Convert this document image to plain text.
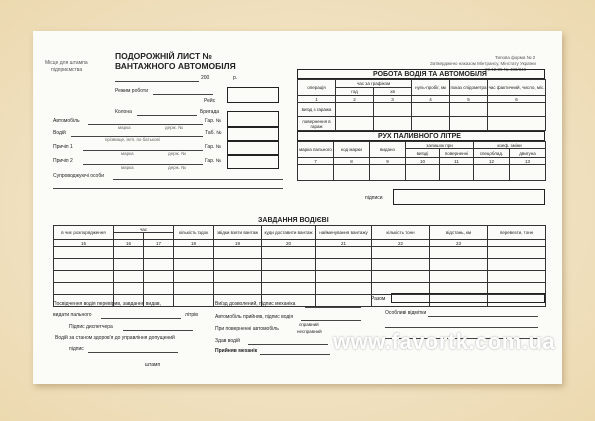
Місце для штампа
підприємства
ПОДОРОЖНІЙ ЛИСТ №
ВАНТАЖНОГО АВТОМОБІЛЯ
200	р.
Типова форма № 2
Затверджено наказом Мінтрансу, Мінстату України
29.12.95 № 488/346
Режим роботи
Рейс
Колона	Бригада
Автомобіль
марка	держ. №
Гар. №
Водій
прізвище, ім'я, по батькові
Таб. №
Причіп 1
марка	держ. №
Гар. №
Причіп 2
марка	держ. №
Гар. №
Супроводжуючі особи
РОБОТА ВОДІЯ ТА АВТОМОБІЛЯ
операція	час за графіком		нуль-пробіг, км	показ спідометра	час фактичний, число, міс.
	год	хв			
1	2	3	4	5	6
виїзд з гаража					
повернення в гараж					
РУХ ПАЛИВНОГО ЛІТРЕ
марка пального	код марки	видано	залишок при		коеф. зміни	
			виїзді	поверненні	спецоблад.	двигуна
7	8	9	10	11	12	13

підписи
ЗАВДАННЯ ВОДІЄВІ
в чиє розпорядження	час		кількість їздок	звідки взяти вантаж	куди доставити вантаж	найменування вантажу	кількість тонн	відстань, км	перевезти, тонн

15	16	17	18	19	20	21	22	23	

Разом
Посвідчення водія перевірив, завдання видав,
видати пального	літрів
Підпис диспетчера
Водій за станом здоров'я до управління допущений
підпис
штамп
Виїзд дозволений, підпис механіка
Автомобіль прийняв, підпис водія
При поверненні автомобіль
справний
несправний
Здав водій
Прийняв механік
Особливі відмітки
www.favortk.com.ua
